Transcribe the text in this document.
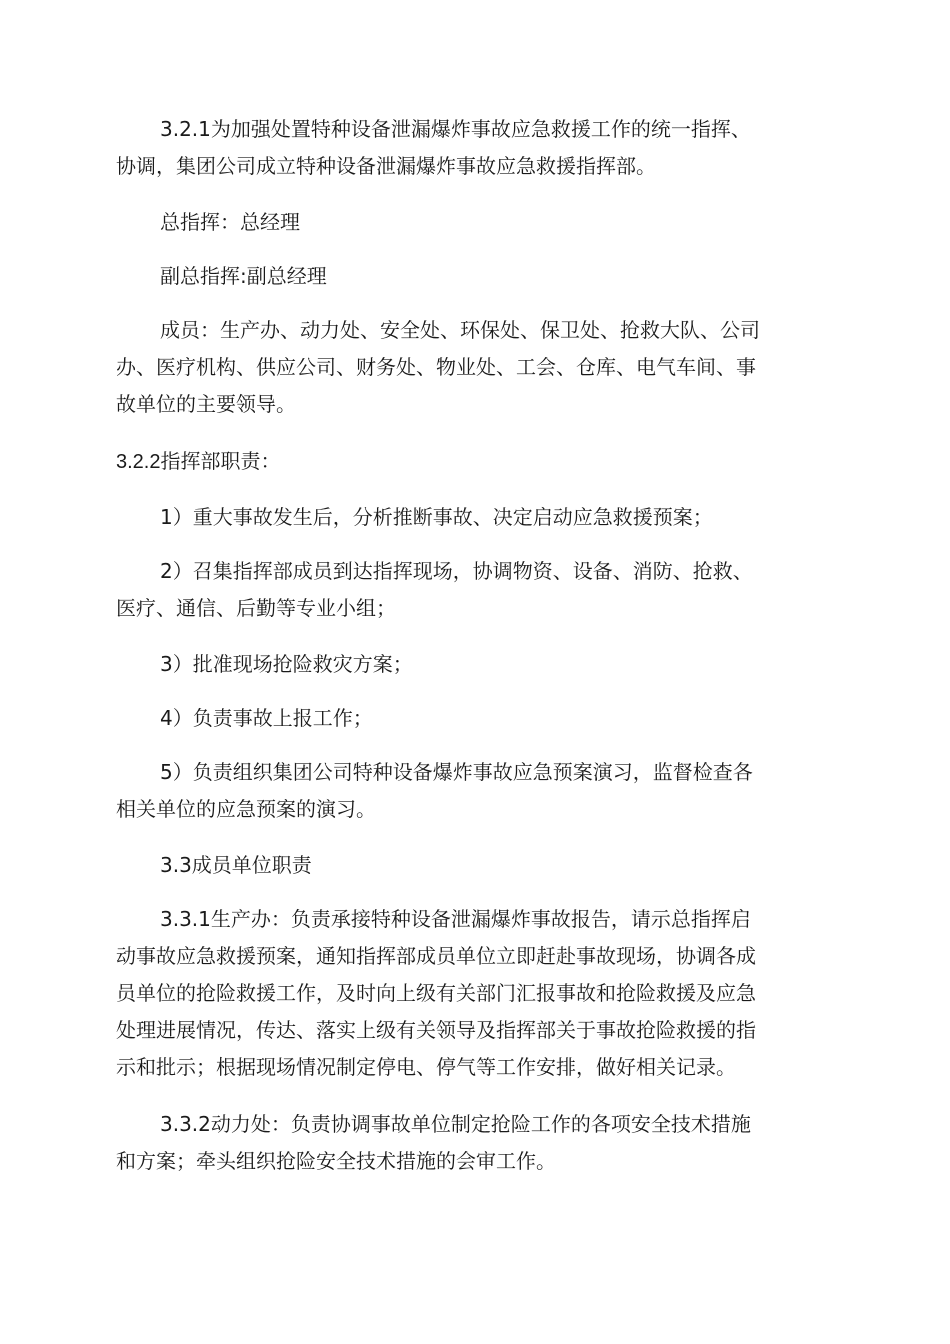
3.2.1为加强处置特种设备泄漏爆炸事故应急救援工作的统一指挥、
协调，集团公司成立特种设备泄漏爆炸事故应急救援指挥部。

总指挥：总经理

副总指挥:副总经理

成员：生产办、动力处、安全处、环保处、保卫处、抢救大队、公司
办、医疗机构、供应公司、财务处、物业处、工会、仓库、电气车间、事
故单位的主要领导。

3.2.2指挥部职责：

1）重大事故发生后，分析推断事故、决定启动应急救援预案；

2）召集指挥部成员到达指挥现场，协调物资、设备、消防、抢救、
医疗、通信、后勤等专业小组；

3）批准现场抢险救灾方案；

4）负责事故上报工作；

5）负责组织集团公司特种设备爆炸事故应急预案演习，监督检查各
相关单位的应急预案的演习。

3.3成员单位职责

3.3.1生产办：负责承接特种设备泄漏爆炸事故报告，请示总指挥启
动事故应急救援预案，通知指挥部成员单位立即赶赴事故现场，协调各成
员单位的抢险救援工作，及时向上级有关部门汇报事故和抢险救援及应急
处理进展情况，传达、落实上级有关领导及指挥部关于事故抢险救援的指
示和批示；根据现场情况制定停电、停气等工作安排，做好相关记录。

3.3.2动力处：负责协调事故单位制定抢险工作的各项安全技术措施
和方案；牵头组织抢险安全技术措施的会审工作。
